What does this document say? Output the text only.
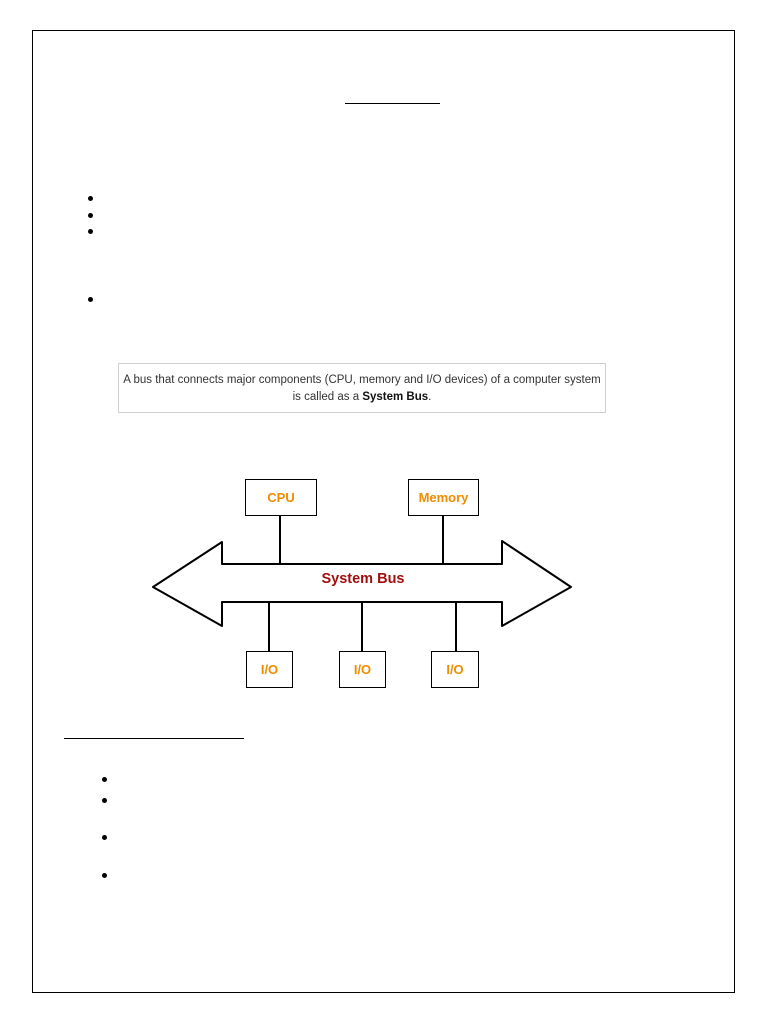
A bus that connects major components (CPU, memory and I/O devices) of a computer system is called as a System Bus.
CPU	Memory
I/O	I/O	I/O
System Bus
